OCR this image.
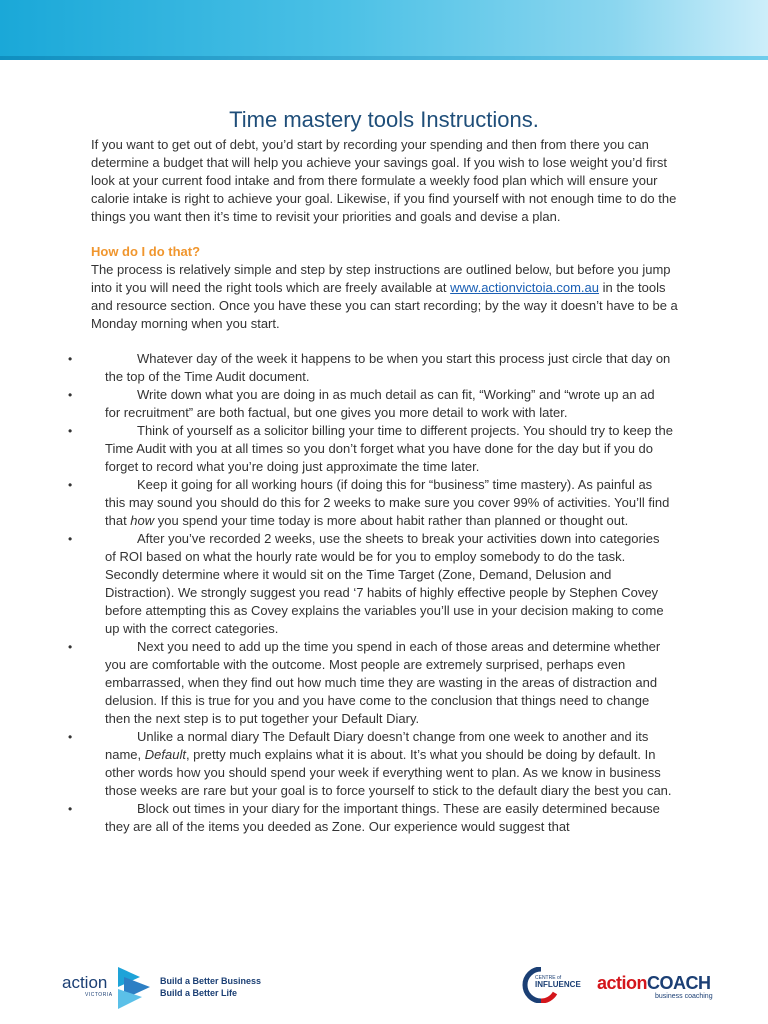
Time mastery tools Instructions.

If you want to get out of debt, you’d start by recording your spending and then from there you can determine a budget that will help you achieve your savings goal. If you wish to lose weight you’d first look at your current food intake and from there formulate a weekly food plan which will ensure your calorie intake is right to achieve your goal. Likewise, if you find yourself with not enough time to do the things you want then it’s time to revisit your priorities and goals and devise a plan.

How do I do that?

The process is relatively simple and step by step instructions are outlined below, but before you jump into it you will need the right tools which are freely available at www.actionvictoia.com.au in the tools and resource section. Once you have these you can start recording; by the way it doesn’t have to be a Monday morning when you start.

•	Whatever day of the week it happens to be when you start this process just circle that day on the top of the Time Audit document.
•	Write down what you are doing in as much detail as can fit, “Working” and “wrote up an ad for recruitment” are both factual, but one gives you more detail to work with later.
•	Think of yourself as a solicitor billing your time to different projects. You should try to keep the Time Audit with you at all times so you don’t forget what you have done for the day but if you do forget to record what you’re doing just approximate the time later.
•	Keep it going for all working hours (if doing this for “business” time mastery). As painful as this may sound you should do this for 2 weeks to make sure you cover 99% of activities. You’ll find that how you spend your time today is more about habit rather than planned or thought out.
•	After you’ve recorded 2 weeks, use the sheets to break your activities down into categories of ROI based on what the hourly rate would be for you to employ somebody to do the task. Secondly determine where it would sit on the Time Target (Zone, Demand, Delusion and Distraction). We strongly suggest you read ‘7 habits of highly effective people by Stephen Covey before attempting this as Covey explains the variables you’ll use in your decision making to come up with the correct categories.
•	Next you need to add up the time you spend in each of those areas and determine whether you are comfortable with the outcome. Most people are extremely surprised, perhaps even embarrassed, when they find out how much time they are wasting in the areas of distraction and delusion. If this is true for you and you have come to the conclusion that things need to change then the next step is to put together your Default Diary.
•	Unlike a normal diary The Default Diary doesn’t change from one week to another and its name, Default, pretty much explains what it is about. It’s what you should be doing by default. In other words how you should spend your week if everything went to plan. As we know in business those weeks are rare but your goal is to force yourself to stick to the default diary the best you can.
•	Block out times in your diary for the important things. These are easily determined because they are all of the items you deeded as Zone. Our experience would suggest that
action
VICTORIA
Build a Better Business
Build a Better Life
CENTRE of
INFLUENCE actionCOACH
business coaching
